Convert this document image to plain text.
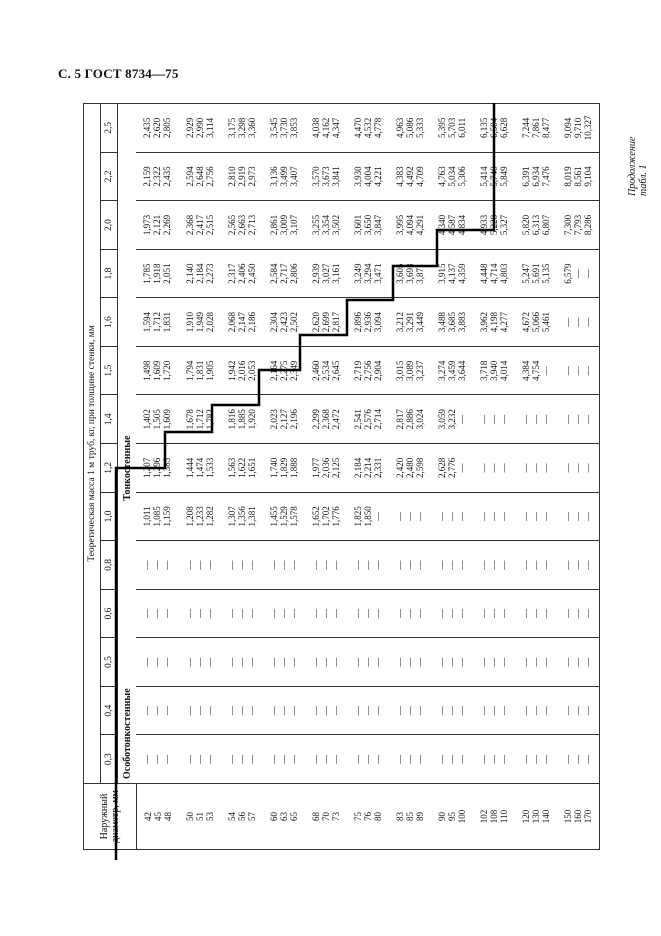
С. 5 ГОСТ 8734—75
Продолжение табл. 1
Наружный диаметр, мм	Теоретическая масса 1 м труб, кг, при толщине стенки, мм													
	0,3	0,4	0,5	0,6	0,8	1,0	1,2	1,4	1,5	1,6	1,8	2,0	2,2	2,5
	Особотонкостенные					Тонкостенные								

42 45 48	— — —	— — —	— — —	— — —	— — —	1,011 1,085 1,159	1,207 1,296 1,385	1,402 1,505 1,609	1,498 1,609 1,720	1,594 1,712 1,831	1,785 1,918 2,051	1,973 2,121 2,269	2,159 2,322 2,435	2,435 2,620 2,805

50 51 53	— — —	— — —	— — —	— — —	— — —	1,208 1,233 1,282	1,444 1,474 1,533	1,678 1,712 1,782	1,794 1,831 1,905	1,910 1,949 2,028	2,140 2,184 2,273	2,368 2,417 2,515	2,594 2,648 2,756	2,929 2,990 3,114

54 56 57	— — —	— — —	— — —	— — —	— — —	1,307 1,356 1,381	1,563 1,622 1,651	1,816 1,885 1,920	1,942 2,016 2,053	2,068 2,147 2,186	2,317 2,406 2,450	2,565 2,663 2,713	2,810 2,919 2,973	3,175 3,298 3,360

60 63 65	— — —	— — —	— — —	— — —	— — —	1,455 1,529 1,578	1,740 1,829 1,888	2,023 2,127 2,196	2,164 2,275 2,349	2,304 2,423 2,502	2,584 2,717 2,806	2,861 3,009 3,107	3,136 3,499 3,407	3,545 3,730 3,853

68 70 73	— — —	— — —	— — —	— — —	— — —	1,652 1,702 1,776	1,977 2,036 2,125	2,299 2,368 2,472	2,460 2,534 2,645	2,620 2,699 2,817	2,939 3,027 3,161	3,255 3,354 3,502	3,570 3,673 3,841	4,038 4,162 4,347

75 76 80	— — —	— — —	— — —	— — —	— — —	1,825 1,850 —	2,184 2,214 2,331	2,541 2,576 2,714	2,719 2,756 2,904	2,896 2,936 3,094	3,249 3,294 3,471	3,601 3,650 3,847	3,930 4,004 4,221	4,470 4,532 4,778

83 85 89	— — —	— — —	— — —	— — —	— — —	— — —	2,420 2,480 2,598	2,817 2,886 3,024	3,015 3,089 3,237	3,212 3,291 3,449	3,605 3,693 3,871	3,995 4,094 4,291	4,383 4,492 4,709	4,963 5,086 5,333

90 95 100	— — —	— — —	— — —	— — —	— — —	— — —	2,628 2,776 —	3,059 3,232 —	3,274 3,459 3,644	3,488 3,685 3,883	3,915 4,137 4,359	4,340 4,587 4,834	4,763 5,034 5,306	5,395 5,703 6,011

102 108 110	— — —	— — —	— — —	— — —	— — —	— — —	— — —	— — —	3,718 3,940 4,014	3,962 4,198 4,277	4,448 4,714 4,803	4,933 5,228 5,327	5,414 5,740 5,849	6,135 6,504 6,628

120 130 140	— — —	— — —	— — —	— — —	— — —	— — —	— — —	— — —	4,384 4,754 —	4,672 5,066 5,461	5,247 5,691 5,135	5,820 6,313 6,807	6,391 6,934 7,476	7,244 7,861 8,477

150 160 170	— — —	— — —	— — —	— — —	— — —	— — —	— — —	— — —	— — —	— — —	6,579 — —	7,300 7,793 8,286	8,019 8,561 9,104	9,094 9,710 10,327
